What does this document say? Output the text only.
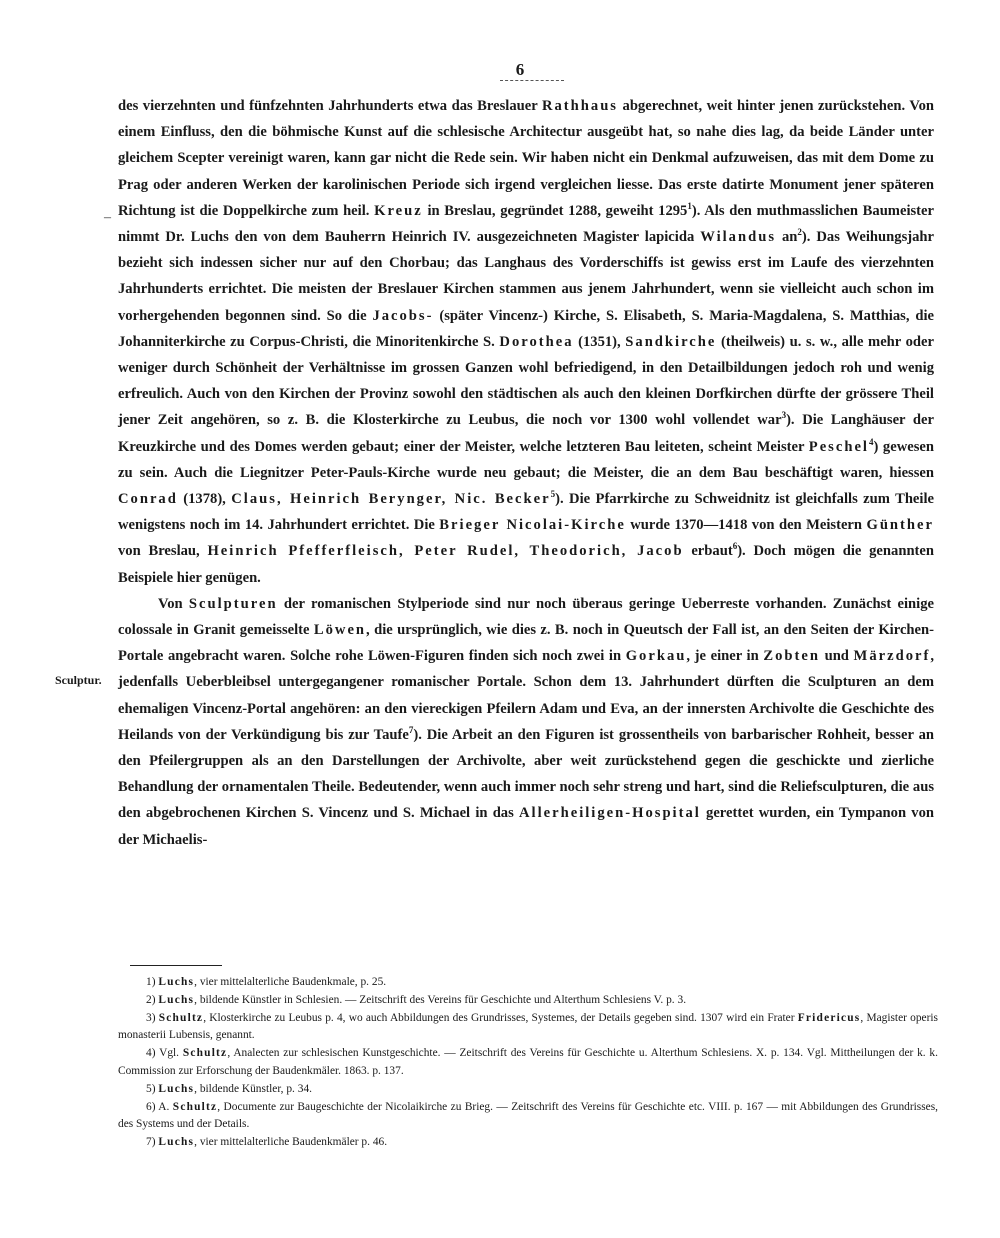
6
–
Sculptur.

des vierzehnten und fünfzehnten Jahrhunderts etwa das Breslauer Rathhaus abgerechnet, weit hinter jenen zurückstehen. Von einem Einfluss, den die böhmische Kunst auf die schlesische Architectur ausgeübt hat, so nahe dies lag, da beide Länder unter gleichem Scepter vereinigt waren, kann gar nicht die Rede sein. Wir haben nicht ein Denkmal aufzuweisen, das mit dem Dome zu Prag oder anderen Werken der karolinischen Periode sich irgend vergleichen liesse. Das erste datirte Monument jener späteren Richtung ist die Doppelkirche zum heil. Kreuz in Breslau, gegründet 1288, geweiht 1295$^1$). Als den muthmasslichen Baumeister nimmt Dr. Luchs den von dem Bauherrn Heinrich IV. ausgezeichneten Magister lapicida Wilandus $an^2$). Das Weihungsjahr bezieht sich indessen sicher nur auf den Chorbau; das Langhaus des Vorderschiffs ist gewiss erst im Laufe des vierzehnten Jahrhunderts errichtet. Die meisten der Breslauer Kirchen stammen aus jenem Jahrhundert, wenn sie vielleicht auch schon im vorhergehenden begonnen sind. So die Jacobs- (später Vincenz-) Kirche, S. Elisabeth, S. Maria-Magdalena, S. Matthias, die Johanniterkirche zu Corpus-Christi, die Minoritenkirche S. Dorothea (1351), Sandkirche (theilweis) u. s. w., alle mehr oder weniger durch Schönheit der Verhältnisse im grossen Ganzen wohl befriedigend, in den Detailbildungen jedoch roh und wenig erfreulich. Auch von den Kirchen der Provinz sowohl den städtischen als auch den kleinen Dorfkirchen dürfte der grössere Theil jener Zeit angehören, so z. B. die Klosterkirche zu Leubus, die noch vor 1300 wohl vollendet war$^3$). Die Langhäuser der Kreuzkirche und des Domes werden gebaut; einer der Meister, welche letzteren Bau leiteten, scheint Meister Peschel$^4$) gewesen zu sein. Auch die Liegnitzer Peter-Pauls-Kirche wurde neu gebaut; die Meister, die an dem Bau beschäftigt waren, hiessen Conrad (1378), Claus, Heinrich Berynger, Nic. Becker$^5$). Die Pfarrkirche zu Schweidnitz ist gleichfalls zum Theile wenigstens noch im 14. Jahrhundert errichtet. Die Brieger Nicolai-Kirche wurde 1370—1418 von den Meistern Günther von Breslau, Heinrich Pfefferfleisch, Peter Rudel, Theodorich, Jacob erbaut$^6$). Doch mögen die genannten Beispiele hier genügen.

Von Sculpturen der romanischen Stylperiode sind nur noch überaus geringe Ueberreste vorhanden. Zunächst einige colossale in Granit gemeisselte Löwen, die ursprünglich, wie dies z. B. noch in Queutsch der Fall ist, an den Seiten der Kirchen-Portale angebracht waren. Solche rohe Löwen-Figuren finden sich noch zwei in Gorkau, je einer in Zobten und Märzdorf, jedenfalls Ueberbleibsel untergegangener romanischer Portale. Schon dem 13. Jahrhundert dürften die Sculpturen an dem ehemaligen Vincenz-Portal angehören: an den viereckigen Pfeilern Adam und Eva, an der innersten Archivolte die Geschichte des Heilands von der Verkündigung bis zur Taufe$^7$). Die Arbeit an den Figuren ist grossentheils von barbarischer Rohheit, besser an den Pfeilergruppen als an den Darstellungen der Archivolte, aber weit zurückstehend gegen die geschickte und zierliche Behandlung der ornamentalen Theile. Bedeutender, wenn auch immer noch sehr streng und hart, sind die Reliefsculpturen, die aus den abgebrochenen Kirchen S. Vincenz und S. Michael in das Allerheiligen-Hospital gerettet wurden, ein Tympanon von der Michaelis-

1) Luchs, vier mittelalterliche Baudenkmale, p. 25.

2) Luchs, bildende Künstler in Schlesien. — Zeitschrift des Vereins für Geschichte und Alterthum Schlesiens V. p. 3.

3) Schultz, Klosterkirche zu Leubus p. 4, wo auch Abbildungen des Grundrisses, Systemes, der Details gegeben sind. 1307 wird ein Frater Fridericus, Magister operis monasterii Lubensis, genannt.

4) Vgl. Schultz, Analecten zur schlesischen Kunstgeschichte. — Zeitschrift des Vereins für Geschichte u. Alterthum Schlesiens. X. p. 134. Vgl. Mittheilungen der k. k. Commission zur Erforschung der Baudenkmäler. 1863. p. 137.

5) Luchs, bildende Künstler, p. 34.

6) A. Schultz, Documente zur Baugeschichte der Nicolaikirche zu Brieg. — Zeitschrift des Vereins für Geschichte etc. VIII. p. 167 — mit Abbildungen des Grundrisses, des Systems und der Details.

7) Luchs, vier mittelalterliche Baudenkmäler p. 46.
